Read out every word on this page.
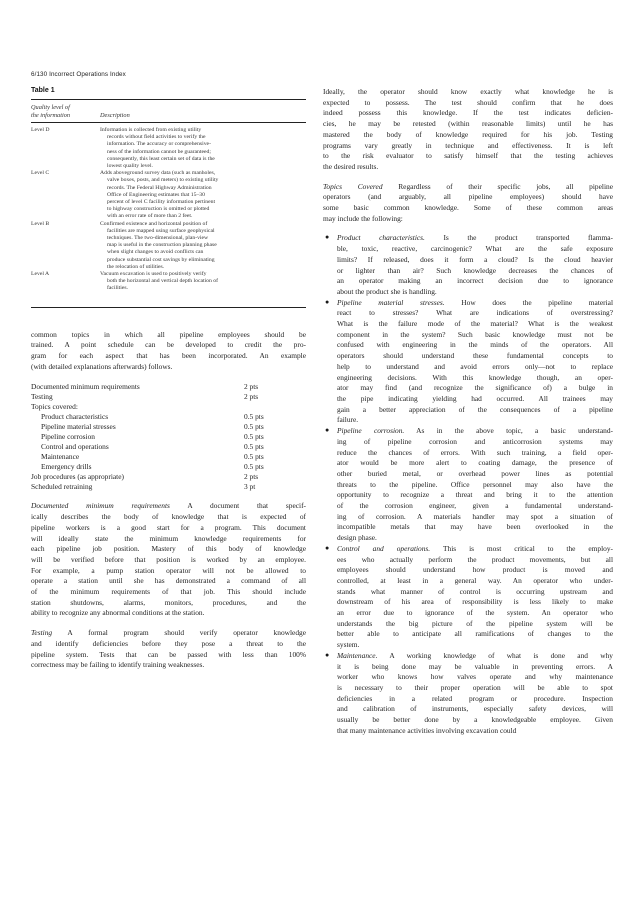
6/130 Incorrect Operations Index
Table 1
Quality level of
the information
	Description
Level D	Information is collected from existing utility
records without field activities to verify the
information. The accuracy or comprehensive-
ness of the information cannot be guaranteed;
consequently, this least certain set of data is the
lowest quality level.
Level C	Adds aboveground survey data (such as manholes,
valve boxes, posts, and meters) to existing utility
records. The Federal Highway Administration
Office of Engineering estimates that 15–30
percent of level C facility information pertinent
to highway construction is omitted or plotted
with an error rate of more than 2 feet.
Level B	Confirmed existence and horizontal position of
facilities are mapped using surface geophysical
techniques. The two-dimensional, plan-view
map is useful in the construction planning phase
when slight changes to avoid conflicts can
produce substantial cost savings by eliminating
the relocation of utilities.
Level A	Vacuum excavation is used to positively verify
both the horizontal and vertical depth location of
facilities.

common topics in which all pipeline employees should be
trained. A point schedule can be developed to credit the pro-
gram for each aspect that has been incorporated. An example
(with detailed explanations afterwards) follows.

Documented minimum requirements	2 pts
Testing	2 pts
Topics covered:
Product characteristics	0.5 pts
Pipeline material stresses	0.5 pts
Pipeline corrosion	0.5 pts
Control and operations	0.5 pts
Maintenance	0.5 pts
Emergency drills	0.5 pts
Job procedures (as appropriate)	2 pts
Scheduled retraining	3 pt

Documented minimum requirements A document that specif-
ically describes the body of knowledge that is expected of
pipeline workers is a good start for a program. This document
will ideally state the minimum knowledge requirements for
each pipeline job position. Mastery of this body of knowledge
will be verified before that position is worked by an employee.
For example, a pump station operator will not be allowed to
operate a station until she has demonstrated a command of all
of the minimum requirements of that job. This should include
station shutdowns, alarms, monitors, procedures, and the
ability to recognize any abnormal conditions at the station.

Testing A formal program should verify operator knowledge
and identify deficiencies before they pose a threat to the
pipeline system. Tests that can be passed with less than 100%
correctness may be failing to identify training weaknesses.

Ideally, the operator should know exactly what knowledge he is
expected to possess. The test should confirm that he does
indeed possess this knowledge. If the test indicates deficien-
cies, he may be retested (within reasonable limits) until he has
mastered the body of knowledge required for his job. Testing
programs vary greatly in technique and effectiveness. It is left
to the risk evaluator to satisfy himself that the testing achieves
the desired results.

Topics Covered Regardless of their specific jobs, all pipeline
operators (and arguably, all pipeline employees) should have
some basic common knowledge. Some of these common areas
may include the following:

● Product characteristics. Is the product transported flamma-
ble, toxic, reactive, carcinogenic? What are the safe exposure
limits? If released, does it form a cloud? Is the cloud heavier
or lighter than air? Such knowledge decreases the chances of
an operator making an incorrect decision due to ignorance
about the product she is handling.

● Pipeline material stresses. How does the pipeline material
react to stresses? What are indications of overstressing?
What is the failure mode of the material? What is the weakest
component in the system? Such basic knowledge must not be
confused with engineering in the minds of the operators. All
operators should understand these fundamental concepts to
help to understand and avoid errors only—not to replace
engineering decisions. With this knowledge though, an oper-
ator may find (and recognize the significance of) a bulge in
the pipe indicating yielding had occurred. All trainees may
gain a better appreciation of the consequences of a pipeline
failure.

● Pipeline corrosion. As in the above topic, a basic understand-
ing of pipeline corrosion and anticorrosion systems may
reduce the chances of errors. With such training, a field oper-
ator would be more alert to coating damage, the presence of
other buried metal, or overhead power lines as potential
threats to the pipeline. Office personnel may also have the
opportunity to recognize a threat and bring it to the attention
of the corrosion engineer, given a fundamental understand-
ing of corrosion. A materials handler may spot a situation of
incompatible metals that may have been overlooked in the
design phase.

● Control and operations. This is most critical to the employ-
ees who actually perform the product movements, but all
employees should understand how product is moved and
controlled, at least in a general way. An operator who under-
stands what manner of control is occurring upstream and
downstream of his area of responsibility is less likely to make
an error due to ignorance of the system. An operator who
understands the big picture of the pipeline system will be
better able to anticipate all ramifications of changes to the
system.

● Maintenance. A working knowledge of what is done and why
it is being done may be valuable in preventing errors. A
worker who knows how valves operate and why maintenance
is necessary to their proper operation will be able to spot
deficiencies in a related program or procedure. Inspection
and calibration of instruments, especially safety devices, will
usually be better done by a knowledgeable employee. Given
that many maintenance activities involving excavation could
